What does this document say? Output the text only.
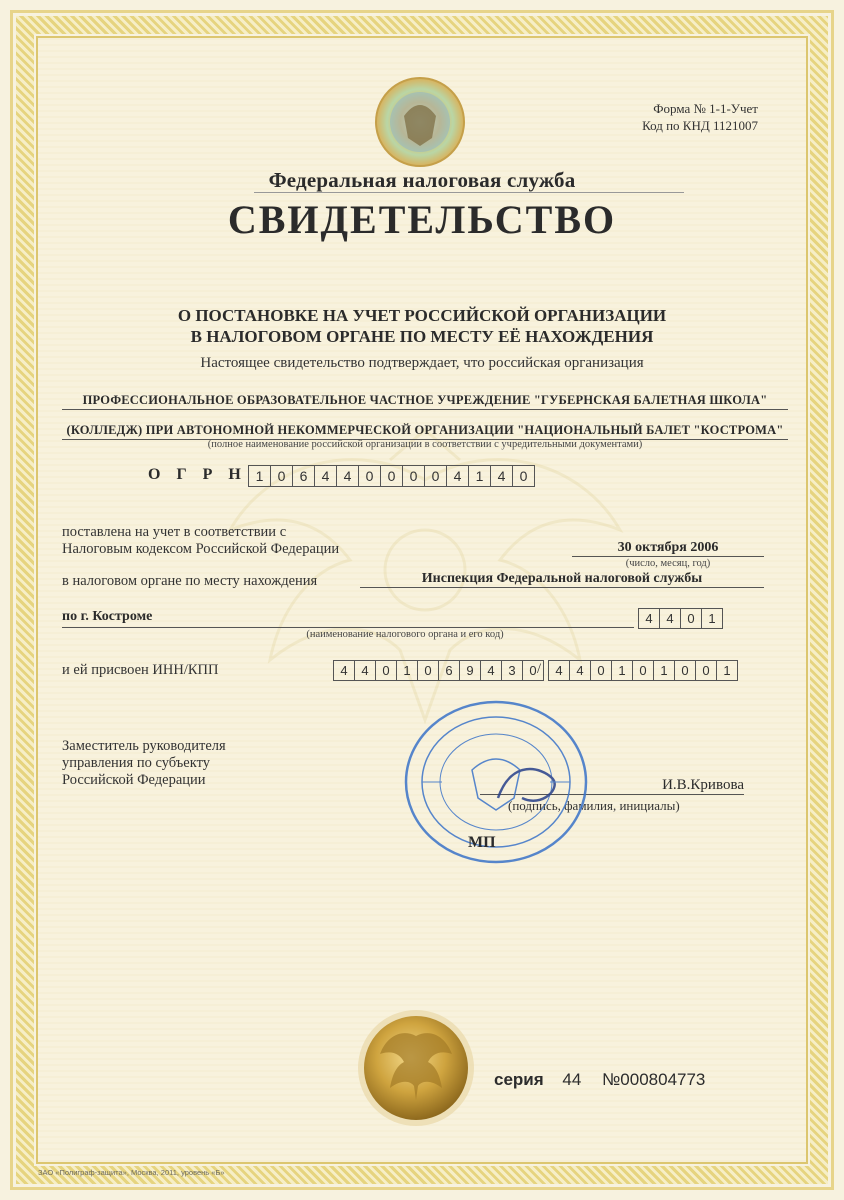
Форма № 1-1-Учет
Код по КНД 1121007
Федеральная налоговая служба
СВИДЕТЕЛЬСТВО
О ПОСТАНОВКЕ НА УЧЕТ РОССИЙСКОЙ ОРГАНИЗАЦИИ
В НАЛОГОВОМ ОРГАНЕ ПО МЕСТУ ЕЁ НАХОЖДЕНИЯ
Настоящее свидетельство подтверждает, что российская организация
ПРОФЕССИОНАЛЬНОЕ ОБРАЗОВАТЕЛЬНОЕ ЧАСТНОЕ УЧРЕЖДЕНИЕ "ГУБЕРНСКАЯ БАЛЕТНАЯ ШКОЛА"
(КОЛЛЕДЖ) ПРИ АВТОНОМНОЙ НЕКОММЕРЧЕСКОЙ ОРГАНИЗАЦИИ "НАЦИОНАЛЬНЫЙ БАЛЕТ "КОСТРОМА"
(полное наименование российской организации в соответствии с учредительными документами)
ОГРН
1	0	6	4	4	0	0	0	0	4	1	4	0
поставлена на учет в соответствии с
Налоговым кодексом Российской Федерации	30 октября 2006
(число, месяц, год)
в налоговом органе по месту нахождения	Инспекция Федеральной налоговой службы
по г. Костроме	4	4	0	1
(наименование налогового органа и его код)
и ей присвоен ИНН/КПП	4	4	0	1	0	6	9	4	3	0 /	4	4	0	1	0	1	0	0	1
Заместитель руководителя
управления по субъекту
Российской Федерации	И.В.Кривова
(подпись, фамилия, инициалы)
МП
серия 44 №000804773
ЗАО «Полиграф-защита», Москва, 2011, уровень «Б»
